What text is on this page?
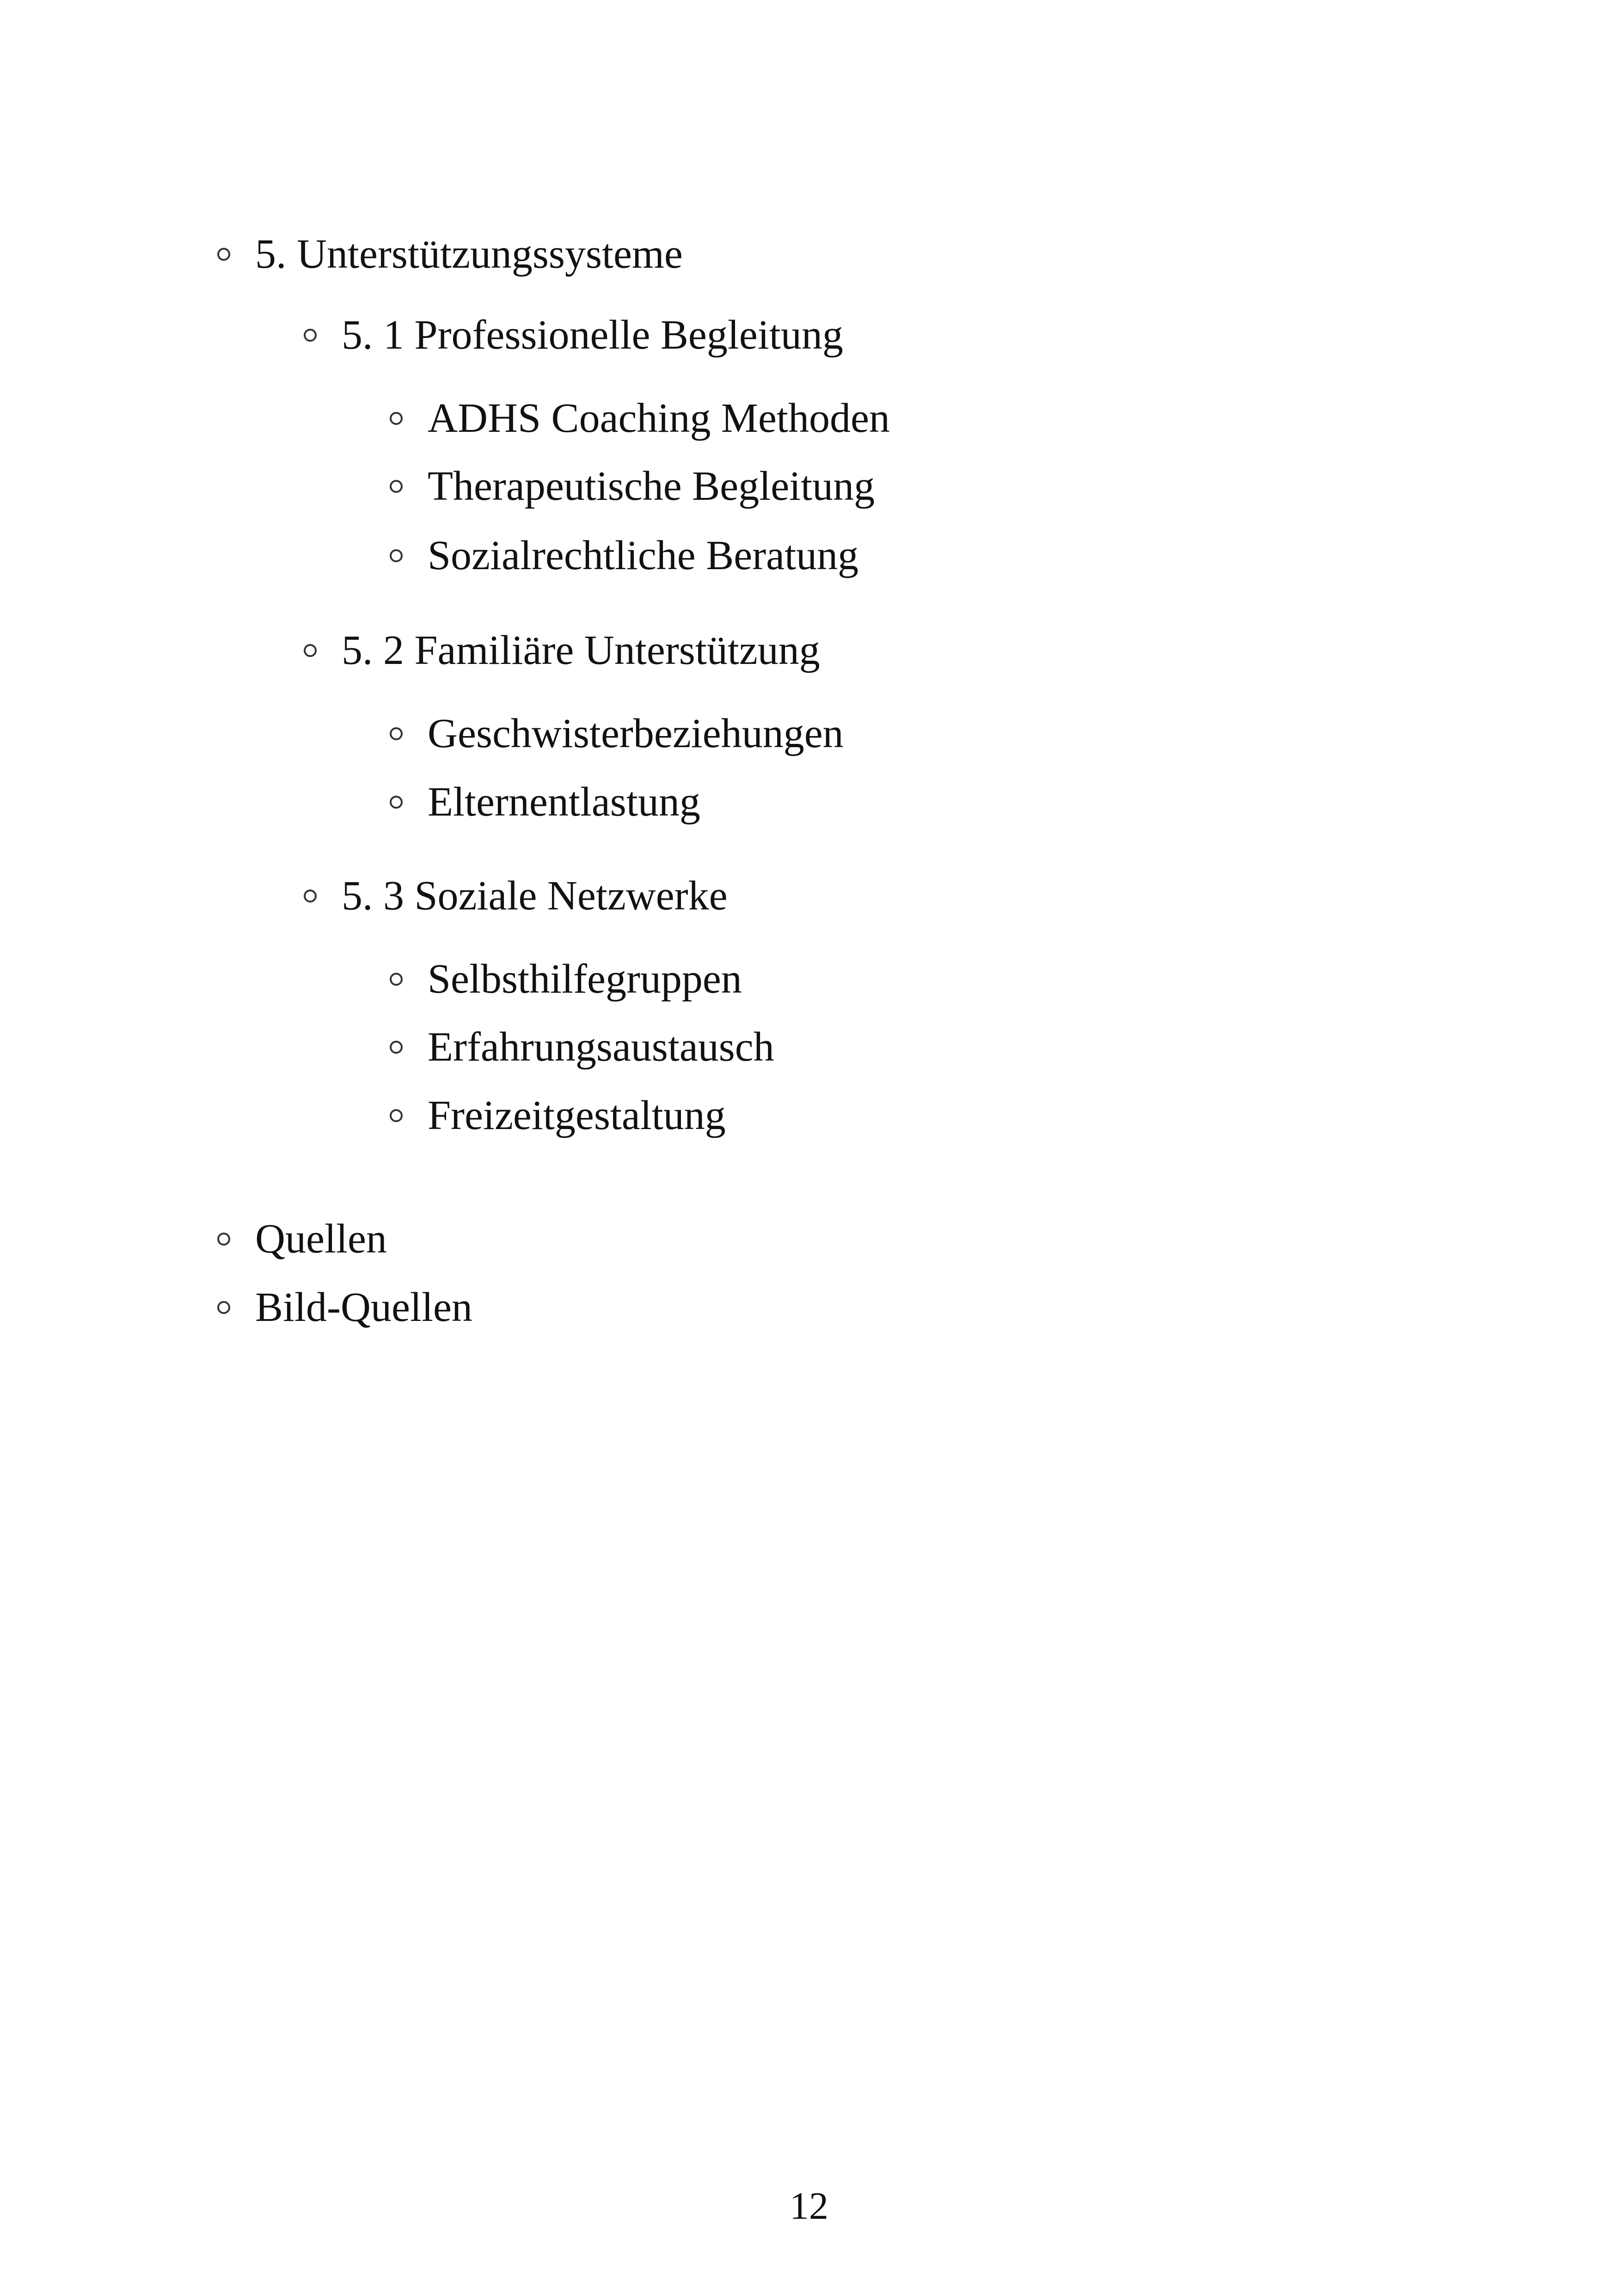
5. Unterstützungssysteme
5. 1 Professionelle Begleitung
ADHS Coaching Methoden
Therapeutische Begleitung
Sozialrechtliche Beratung
5. 2 Familiäre Unterstützung
Geschwisterbeziehungen
Elternentlastung
5. 3 Soziale Netzwerke
Selbsthilfegruppen
Erfahrungsaustausch
Freizeitgestaltung
Quellen
Bild-Quellen
12
